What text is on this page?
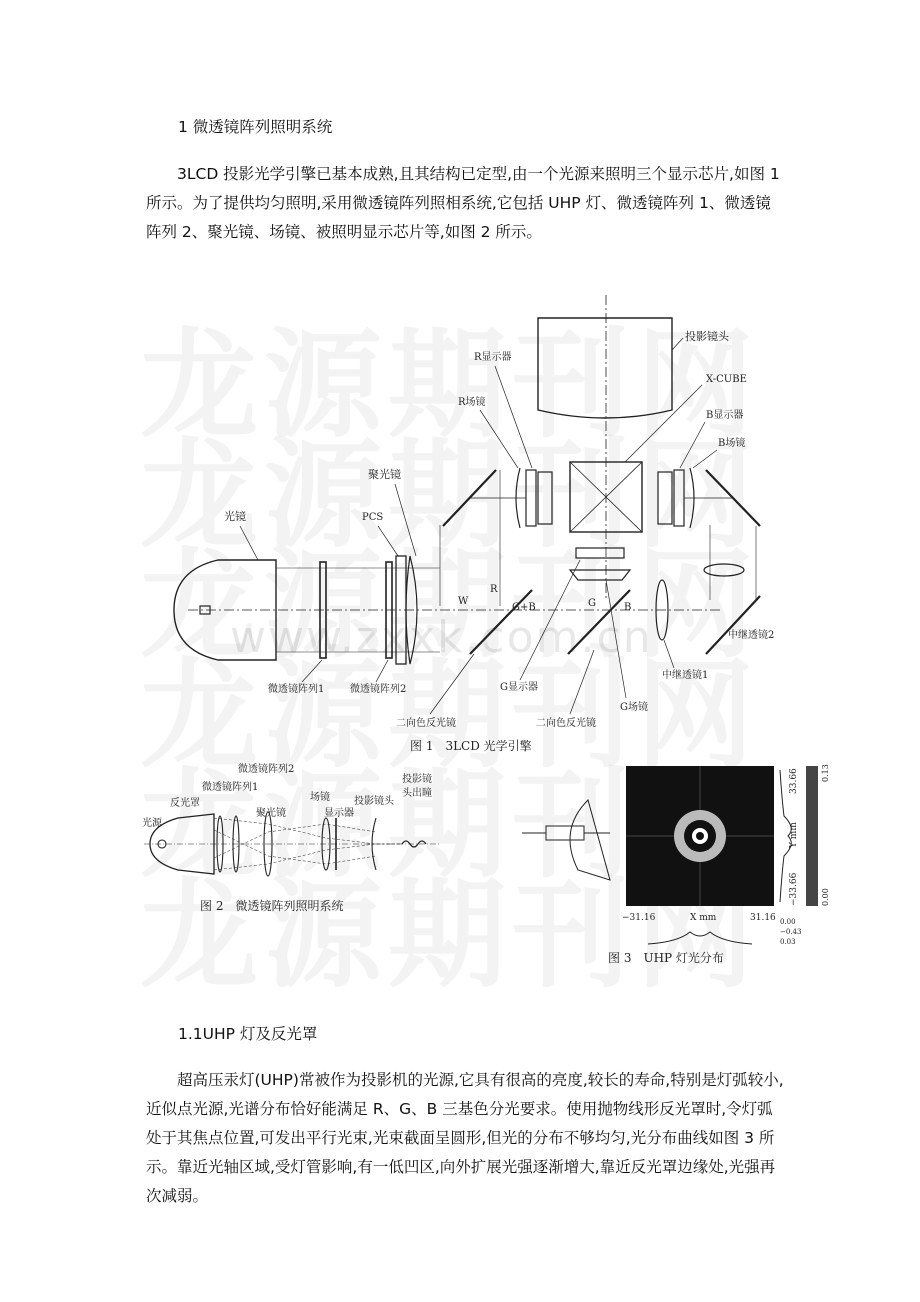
1 微透镜阵列照明系统
3LCD 投影光学引擎已基本成熟,且其结构已定型,由一个光源来照明三个显示芯片,如图 1 所示。为了提供均匀照明,采用微透镜阵列照相系统,它包括 UHP 灯、微透镜阵列 1、微透镜阵列 2、聚光镜、场镜、被照明显示芯片等,如图 2 所示。
www.zxxk.com.cn
投影镜头
X-CUBE
R显示器
R场镜
B显示器
B场镜
中继透镜2
中继透镜1
光镜
微透镜阵列1	微透镜阵列2
PCS
聚光镜
W
R
G+B	G	B
G显示器
二向色反光镜	二向色反光镜
G场镜
图 1　3LCD 光学引擎
微透镜阵列2
反光罩
微透镜阵列1
光源
聚光镜
场镜
显示器
投影镜头
投影镜
头出瞳
图 2　微透镜阵列照明系统
33.66
Y mm
−33.66
0.13
0.00
−31.16	X mm	31.16 0.00
−0.43
0.03
图 3　UHP 灯光分布
1.1UHP 灯及反光罩
超高压汞灯(UHP)常被作为投影机的光源,它具有很高的亮度,较长的寿命,特别是灯弧较小,近似点光源,光谱分布恰好能满足 R、G、B 三基色分光要求。使用抛物线形反光罩时,令灯弧处于其焦点位置,可发出平行光束,光束截面呈圆形,但光的分布不够均匀,光分布曲线如图 3 所示。靠近光轴区域,受灯管影响,有一低凹区,向外扩展光强逐渐增大,靠近反光罩边缘处,光强再次减弱。
